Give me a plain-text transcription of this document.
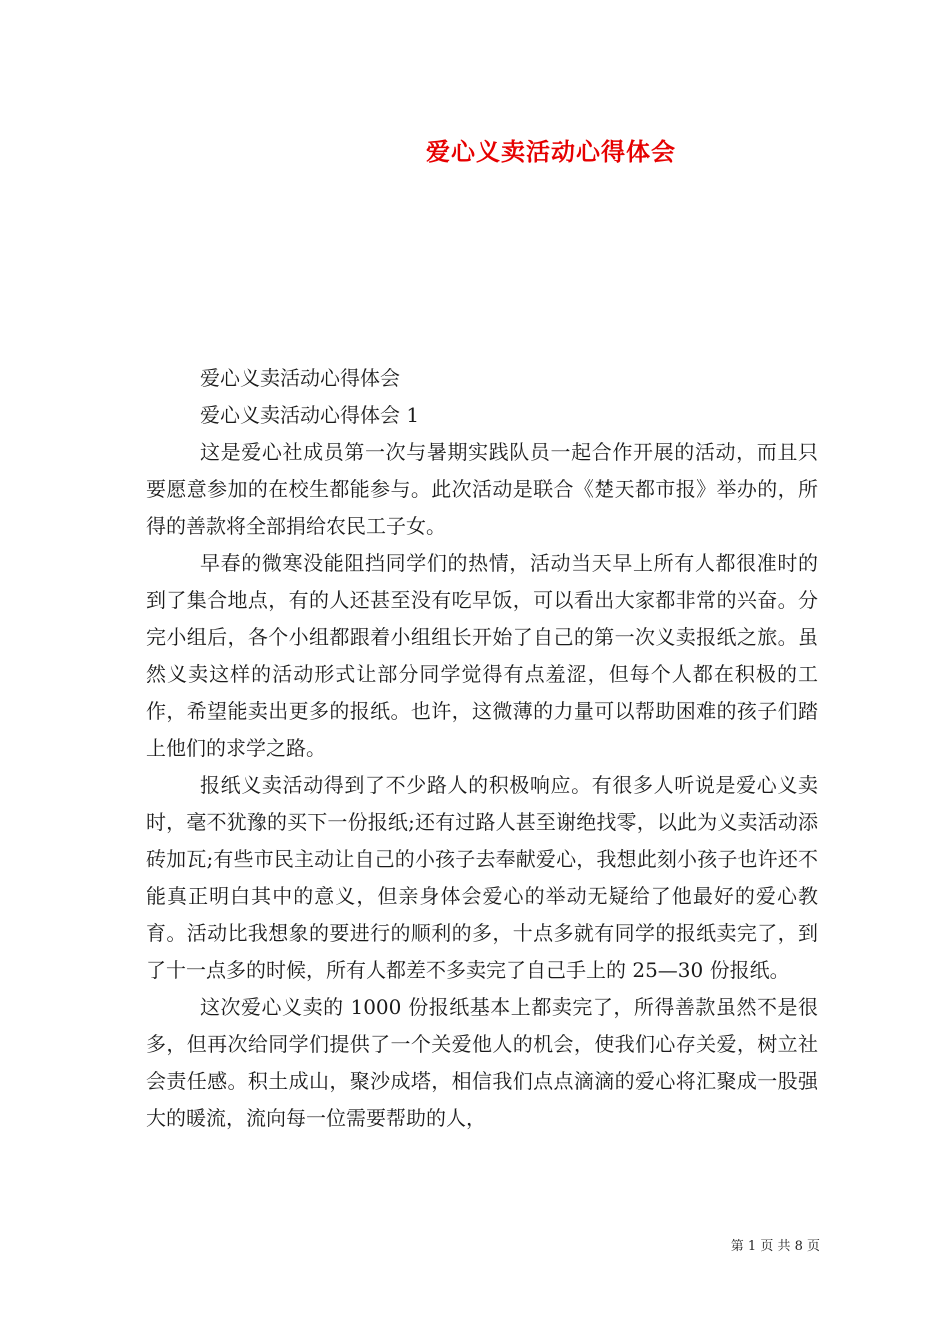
爱心义卖活动心得体会

爱心义卖活动心得体会

爱心义卖活动心得体会 1

这是爱心社成员第一次与暑期实践队员一起合作开展的活动，而且只要愿意参加的在校生都能参与。此次活动是联合《楚天都市报》举办的，所得的善款将全部捐给农民工子女。

早春的微寒没能阻挡同学们的热情，活动当天早上所有人都很准时的到了集合地点，有的人还甚至没有吃早饭，可以看出大家都非常的兴奋。分完小组后，各个小组都跟着小组组长开始了自己的第一次义卖报纸之旅。虽然义卖这样的活动形式让部分同学觉得有点羞涩，但每个人都在积极的工作，希望能卖出更多的报纸。也许，这微薄的力量可以帮助困难的孩子们踏上他们的求学之路。

报纸义卖活动得到了不少路人的积极响应。有很多人听说是爱心义卖时，毫不犹豫的买下一份报纸;还有过路人甚至谢绝找零，以此为义卖活动添砖加瓦;有些市民主动让自己的小孩子去奉献爱心，我想此刻小孩子也许还不能真正明白其中的意义，但亲身体会爱心的举动无疑给了他最好的爱心教育。活动比我想象的要进行的顺利的多，十点多就有同学的报纸卖完了，到了十一点多的时候，所有人都差不多卖完了自己手上的 25—30 份报纸。

这次爱心义卖的 1000 份报纸基本上都卖完了，所得善款虽然不是很多，但再次给同学们提供了一个关爱他人的机会，使我们心存关爱，树立社会责任感。积土成山，聚沙成塔，相信我们点点滴滴的爱心将汇聚成一股强大的暖流，流向每一位需要帮助的人，

第 1 页 共 8 页
